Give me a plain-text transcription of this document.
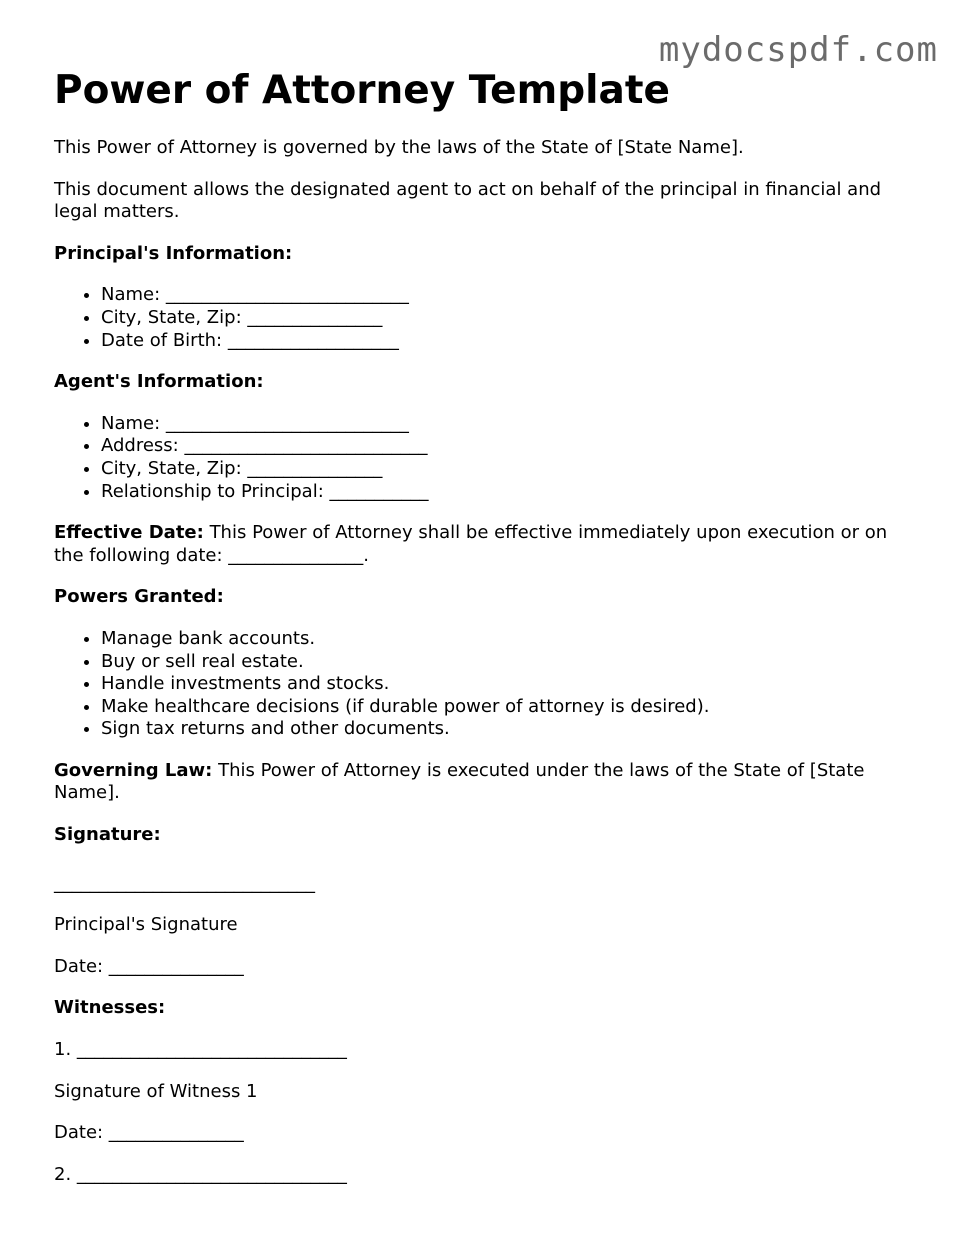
mydocspdf.com
Power of Attorney Template

This Power of Attorney is governed by the laws of the State of [State Name].

This document allows the designated agent to act on behalf of the principal in financial and legal matters.

Principal's Information:

• Name: ___________________________
• City, State, Zip: _______________
• Date of Birth: ___________________

Agent's Information:

• Name: ___________________________
• Address: ___________________________
• City, State, Zip: _______________
• Relationship to Principal: ___________

Effective Date: This Power of Attorney shall be effective immediately upon execution or on the following date: _______________.

Powers Granted:

• Manage bank accounts.
• Buy or sell real estate.
• Handle investments and stocks.
• Make healthcare decisions (if durable power of attorney is desired).
• Sign tax returns and other documents.

Governing Law: This Power of Attorney is executed under the laws of the State of [State Name].

Signature:

_____________________________

Principal's Signature

Date: _______________

Witnesses:

1. ______________________________

Signature of Witness 1

Date: _______________

2. ______________________________
